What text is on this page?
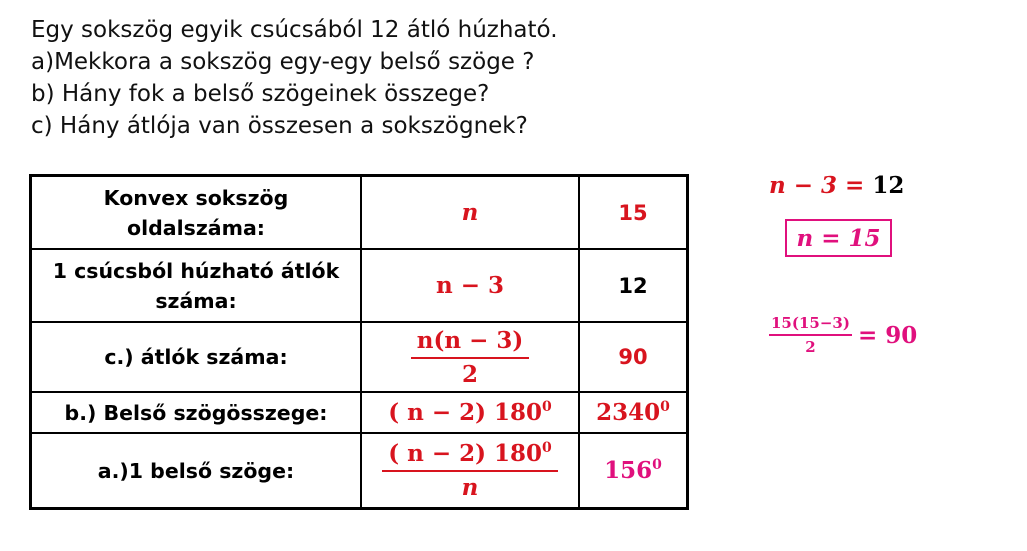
Egy sokszög egyik csúcsából 12 átló húzható.
a)Mekkora a sokszög egy-egy belső szöge ?
b) Hány fok a belső szögeinek összege?
c) Hány átlója van összesen a sokszögnek?
Konvex sokszög
oldalszáma:	n	15

1 csúcsból húzható átlók
száma:	n − 3	12
c.) átlók száma:	$\frac{n(n - 3)}{2}$	90
b.) Belső szögösszege:	( n − 2) $180^0$	2340$^0$
a.)1 belső szöge:	$\frac{( n - 2) 180^0}{n}$	$156^0$
n − 3 = 12
n = 15
$\frac{15(15-3)}{2} = 90$
